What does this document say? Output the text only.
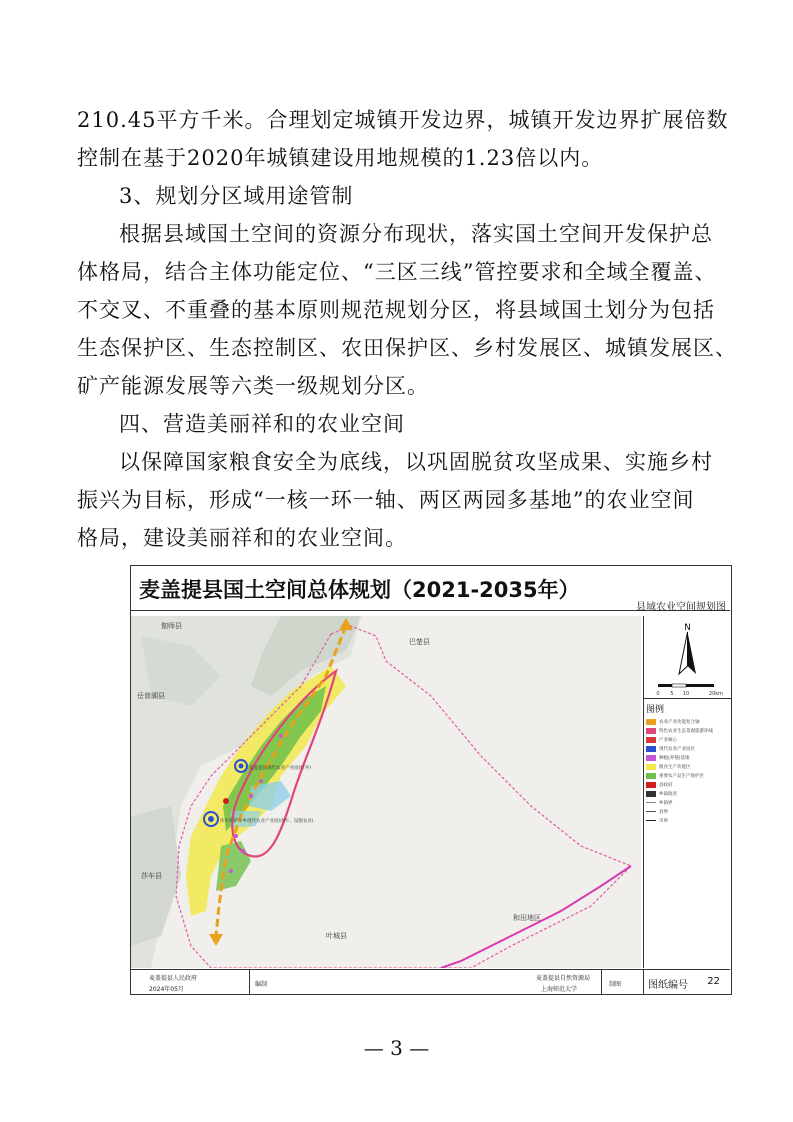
210.45平方千米。合理划定城镇开发边界，城镇开发边界扩展倍数
控制在基于2020年城镇建设用地规模的1.23倍以内。
3、规划分区域用途管制
根据县域国土空间的资源分布现状，落实国土空间开发保护总
体格局，结合主体功能定位、“三区三线”管控要求和全域全覆盖、
不交叉、不重叠的基本原则规范规划分区，将县域国土划分为包括
生态保护区、生态控制区、农田保护区、乡村发展区、城镇发展区、
矿产能源发展等六类一级规划分区。
四、营造美丽祥和的农业空间
以保障国家粮食安全为底线，以巩固脱贫攻坚成果、实施乡村
振兴为目标，形成“一核一环一轴、两区两园多基地”的农业空间
格局，建设美丽祥和的农业空间。
麦盖提县国土空间总体规划（2021-2035年）
县域农业空间规划图
伽师县
巴楚县
岳普湖县
莎车县
叶城县
和田地区
麦盖提县现代农业产业园(红枣)
库木库萨尔乡现代农业产业园(肉牛、设施农业)
N
0 5 10	20km
图例
农业产业功能复合轴
特色农业生态景观旅游环线
产业核心
现代农业产业园区
种植(养殖)基地
粮食生产功能区
重要农产品生产保护区
县政府
乡镇政府
乡镇界
县界
市界
麦盖提县人民政府
2024年05月
编制
麦盖提县自然资源局
上海师范大学
制图	图纸编号 22
— 3 —
